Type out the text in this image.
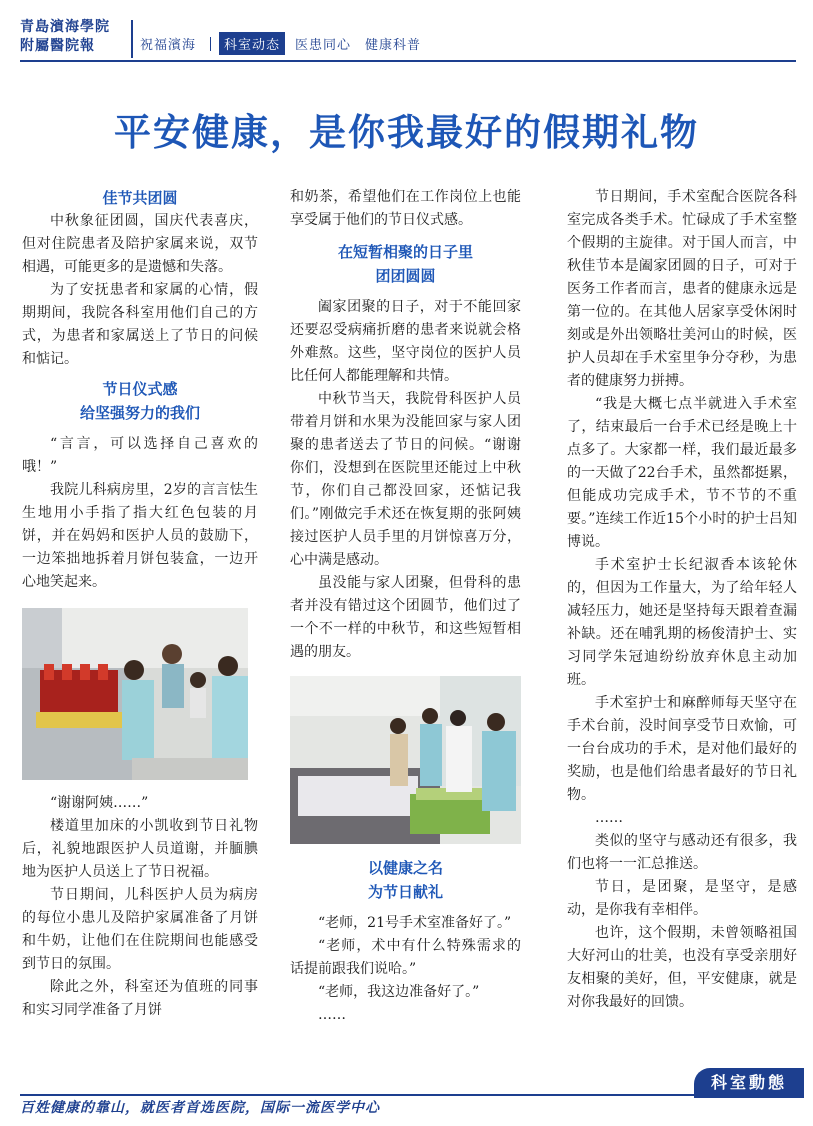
青島濱海學院
附屬醫院報	祝福濱海	科室动态	医患同心 健康科普
平安健康，是你我最好的假期礼物
佳节共团圆

中秋象征团圆，国庆代表喜庆，但对住院患者及陪护家属来说，双节相遇，可能更多的是遗憾和失落。

为了安抚患者和家属的心情，假期期间，我院各科室用他们自己的方式，为患者和家属送上了节日的问候和惦记。

节日仪式感
给坚强努力的我们

“言言，可以选择自己喜欢的哦！”

我院儿科病房里，2岁的言言怯生生地用小手指了指大红色包装的月饼，并在妈妈和医护人员的鼓励下，一边笨拙地拆着月饼包装盒，一边开心地笑起来。

“谢谢阿姨……”

楼道里加床的小凯收到节日礼物后，礼貌地跟医护人员道谢，并腼腆地为医护人员送上了节日祝福。

节日期间，儿科医护人员为病房的每位小患儿及陪护家属准备了月饼和牛奶，让他们在住院期间也能感受到节日的氛围。

除此之外，科室还为值班的同事和实习同学准备了月饼

和奶茶，希望他们在工作岗位上也能享受属于他们的节日仪式感。

在短暂相聚的日子里
团团圆圆

阖家团聚的日子，对于不能回家还要忍受病痛折磨的患者来说就会格外难熬。这些，坚守岗位的医护人员比任何人都能理解和共情。

中秋节当天，我院骨科医护人员带着月饼和水果为没能回家与家人团聚的患者送去了节日的问候。“谢谢你们，没想到在医院里还能过上中秋节，你们自己都没回家，还惦记我们。”刚做完手术还在恢复期的张阿姨接过医护人员手里的月饼惊喜万分，心中满是感动。

虽没能与家人团聚，但骨科的患者并没有错过这个团圆节，他们过了一个不一样的中秋节，和这些短暂相遇的朋友。

以健康之名
为节日献礼

“老师，21号手术室准备好了。”

“老师，术中有什么特殊需求的话提前跟我们说哈。”

“老师，我这边准备好了。”

……

节日期间，手术室配合医院各科室完成各类手术。忙碌成了手术室整个假期的主旋律。对于国人而言，中秋佳节本是阖家团圆的日子，可对于医务工作者而言，患者的健康永远是第一位的。在其他人居家享受休闲时刻或是外出领略壮美河山的时候，医护人员却在手术室里争分夺秒，为患者的健康努力拼搏。

“我是大概七点半就进入手术室了，结束最后一台手术已经是晚上十点多了。大家都一样，我们最近最多的一天做了22台手术，虽然都挺累，但能成功完成手术，节不节的不重要。”连续工作近15个小时的护士吕知博说。

手术室护士长纪淑香本该轮休的，但因为工作量大，为了给年轻人减轻压力，她还是坚持每天跟着查漏补缺。还在哺乳期的杨俊清护士、实习同学朱冠迪纷纷放弃休息主动加班。

手术室护士和麻醉师每天坚守在手术台前，没时间享受节日欢愉，可一台台成功的手术，是对他们最好的奖励，也是他们给患者最好的节日礼物。

……

类似的坚守与感动还有很多，我们也将一一汇总推送。

节日，是团聚，是坚守，是感动，是你我有幸相伴。

也许，这个假期，未曾领略祖国大好河山的壮美，也没有享受亲朋好友相聚的美好，但，平安健康，就是对你我最好的回馈。

科室動態
百姓健康的靠山，就医者首选医院，国际一流医学中心
